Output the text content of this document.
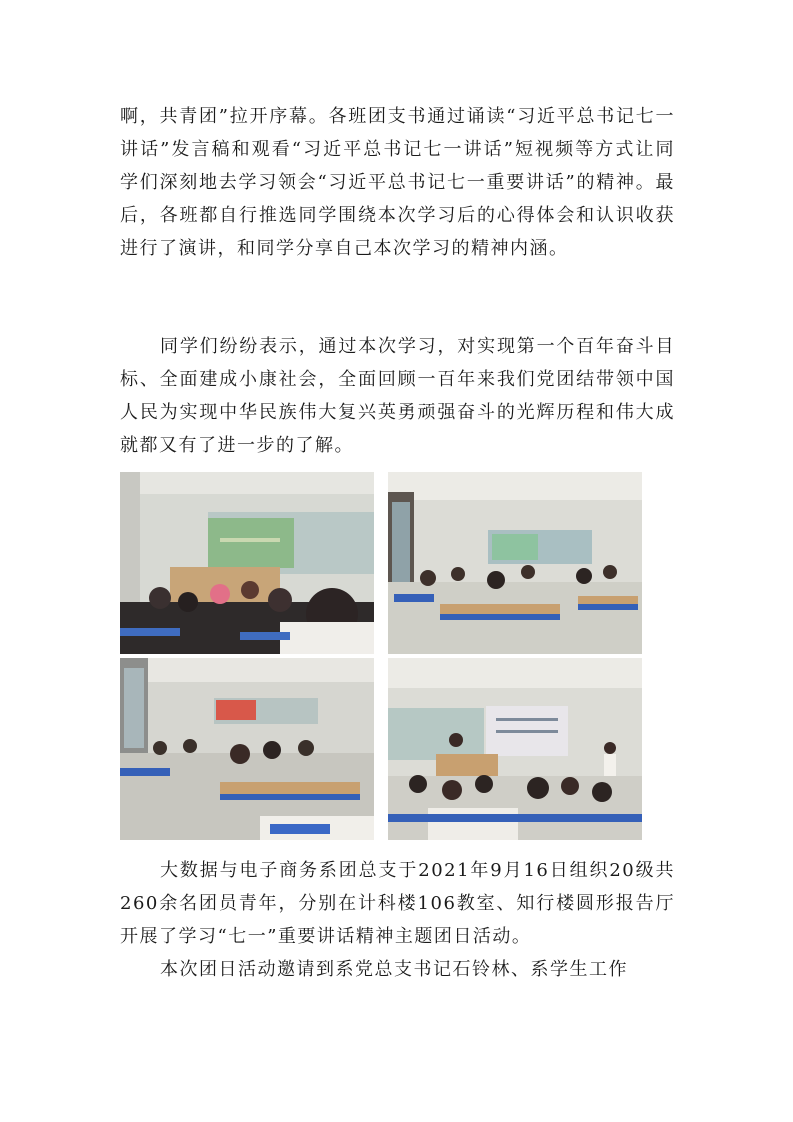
啊，共青团”拉开序幕。各班团支书通过诵读“习近平总书记七一讲话”发言稿和观看“习近平总书记七一讲话”短视频等方式让同学们深刻地去学习领会“习近平总书记七一重要讲话”的精神。最后，各班都自行推选同学围绕本次学习后的心得体会和认识收获进行了演讲，和同学分享自己本次学习的精神内涵。

同学们纷纷表示，通过本次学习，对实现第一个百年奋斗目标、全面建成小康社会，全面回顾一百年来我们党团结带领中国人民为实现中华民族伟大复兴英勇顽强奋斗的光辉历程和伟大成就都又有了进一步的了解。

大数据与电子商务系团总支于2021年9月16日组织20级共260余名团员青年，分别在计科楼106教室、知行楼圆形报告厅开展了学习“七一”重要讲话精神主题团日活动。

本次团日活动邀请到系党总支书记石铃林、系学生工作
